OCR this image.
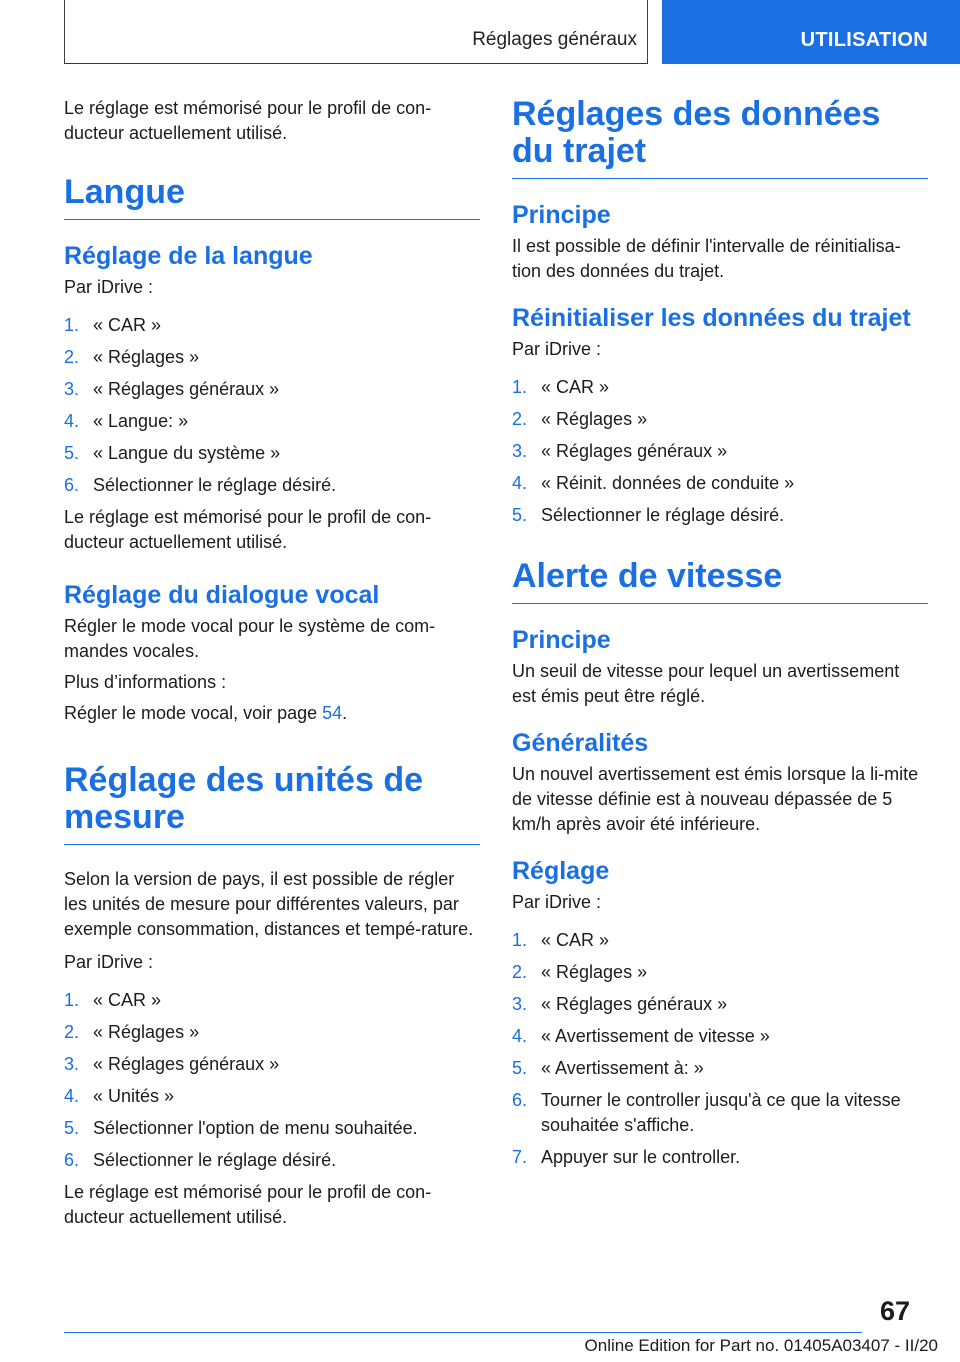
Réglages généraux	UTILISATION

Le réglage est mémorisé pour le profil de con-ducteur actuellement utilisé.

Langue
Réglage de la langue

Par iDrive :

1. « CAR »
2. « Réglages »
3. « Réglages généraux »
4. « Langue: »
5. « Langue du système »
6. Sélectionner le réglage désiré.

Le réglage est mémorisé pour le profil de con-ducteur actuellement utilisé.

Réglage du dialogue vocal

Régler le mode vocal pour le système de com-mandes vocales.

Plus d’informations :

Régler le mode vocal, voir page 54.

Réglage des unités de mesure

Selon la version de pays, il est possible de régler les unités de mesure pour différentes valeurs, par exemple consommation, distances et tempé-rature.

Par iDrive :

1. « CAR »
2. « Réglages »
3. « Réglages généraux »
4. « Unités »
5. Sélectionner l'option de menu souhaitée.
6. Sélectionner le réglage désiré.

Le réglage est mémorisé pour le profil de con-ducteur actuellement utilisé.

Réglages des données du trajet
Principe

Il est possible de définir l'intervalle de réinitialisa-tion des données du trajet.

Réinitialiser les données du trajet

Par iDrive :

1. « CAR »
2. « Réglages »
3. « Réglages généraux »
4. « Réinit. données de conduite »
5. Sélectionner le réglage désiré.
Alerte de vitesse
Principe

Un seuil de vitesse pour lequel un avertissement est émis peut être réglé.

Généralités

Un nouvel avertissement est émis lorsque la li-mite de vitesse définie est à nouveau dépassée de 5 km/h après avoir été inférieure.

Réglage

Par iDrive :

1. « CAR »
2. « Réglages »
3. « Réglages généraux »
4. « Avertissement de vitesse »
5. « Avertissement à: »
6. Tourner le controller jusqu'à ce que la vitesse souhaitée s'affiche.
7. Appuyer sur le controller.
67
Online Edition for Part no. 01405A03407 - II/20
